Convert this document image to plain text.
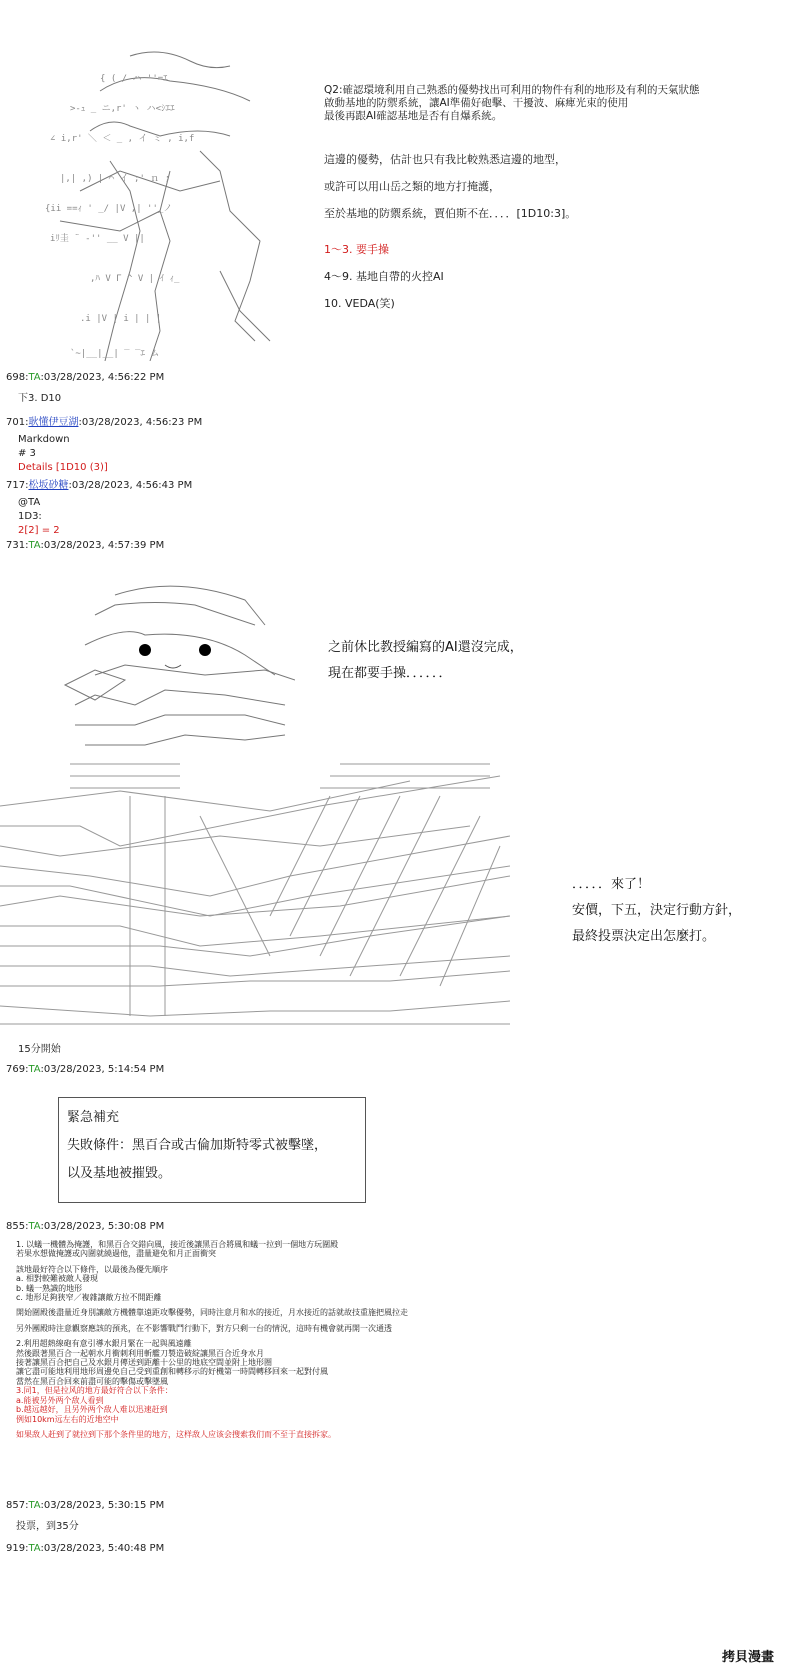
{ ( / ハ ''=ｴ
>-ｭ _ ニ,r' ヽ ハ<ｼｴｴ
∠ i,r' ＼ ＜ _ , イ ミ , i,f
|,| ,) | ⌒ イ ;' ｎ ;
{ii ==ｨ ' _/ |V ,| ''_ノ
iﾘ圭 ¨ -'' __ V ||
,ﾊ V Γ ^ V | ｲ ｨ_
.i |V | i | | |
`~|__|__| ‾ ‾ｴ ム

Q2:確認環境利用自己熟悉的優勢找出可利用的物件有利的地形及有利的天氣狀態
啟動基地的防禦系統，讓AI準備好砲擊、干擾波、麻痺光束的使用
最後再跟AI確認基地是否有自爆系統。
這邊的優勢，估計也只有我比較熟悉這邊的地型，
或許可以用山岳之類的地方打掩護，
至於基地的防禦系統，賈伯斯不在．．．．[1D10:3]。
1～3. 要手操
4～9. 基地自帶的火控AI
10. VEDA(笑)
698:TA:03/28/2023, 4:56:22 PM
下3. D10
701:耿懂伊豆湖:03/28/2023, 4:56:23 PM
Markdown
# 3
Details [1D10 (3)]
717:松坂砂糖:03/28/2023, 4:56:43 PM
@TA
1D3:
2[2] = 2
731:TA:03/28/2023, 4:57:39 PM
之前休比教授編寫的AI還沒完成，
現在都要手操．．．．．．
．．．．．來了！
安價，下五，決定行動方針，
最終投票決定出怎麼打。
15分開始
769:TA:03/28/2023, 5:14:54 PM
緊急補充
失敗條件：黑百合或古倫加斯特零式被擊墜，
以及基地被摧毀。
855:TA:03/28/2023, 5:30:08 PM
1. 以蟻一機體為掩護，和黑百合交錯向風，接近後讓黑百合將風和蟻一拉到一個地方玩圍殿
若果水想做掩護或內圍就繞過他，盡量避免和月正面衝突
該地最好符合以下條件，以最後為優先順序
a. 相對較難被敵人發現
b. 蟻一熟識的地形
c. 地形足夠狹窄／複雜讓敵方拉不開距離
開始圍殿後盡量近身別讓敵方機體靠遠距攻擊優勢，同時注意月和水的接近，月水接近的話就故技重施把風拉走
另外團殿時注意觀察應該的預兆，在不影響戰鬥行動下，對方只剩一台的情況，這時有機會就再開一次通透
2.利用超熱線砲有意引導水銀月緊在一起與風遠離
然後跟著黑百合一起朝水月衝刺利用斬艦刀製造破綻讓黑百合近身水月
接著讓黑百合把自己及水銀月傳送到距離十公里的地底空間並附上地形圈
讓它盡可能地利用地形周邊免自己受到重創和轉移示的好機第一時間轉移回來一起對付風
當然在黑百合回來前盡可能的擊傷或擊墜風
3.同1，但是拉风的地方最好符合以下条件：
a.能被另外两个敌人看到
b.越远越好，且另外两个敌人难以迅速赶到
例如10km远左右的近地空中
如果敌人赶到了就拉到下那个条件里的地方，这样敌人应该会搜索我们而不至于直接拆家。
857:TA:03/28/2023, 5:30:15 PM
投票，到35分
919:TA:03/28/2023, 5:40:48 PM
拷貝漫畫
